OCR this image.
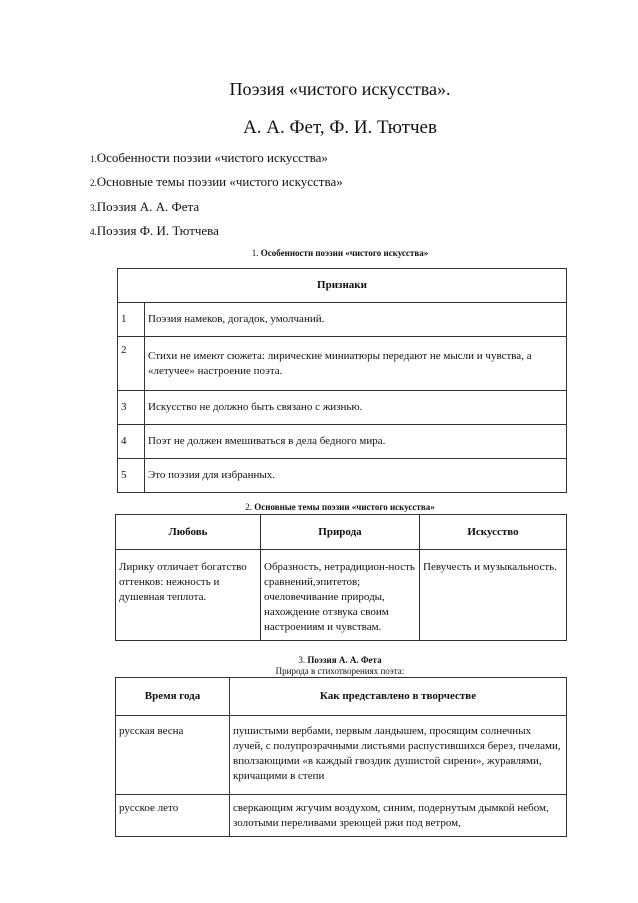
Поэзия «чистого искусства».
А. А. Фет, Ф. И. Тютчев
1.Особенности поэзии «чистого искусства»
2.Основные темы поэзии «чистого искусства»
3.Поэзия А. А. Фета
4.Поэзия Ф. И. Тютчева
1. Особенности поэзии «чистого искусства»
Признаки	
1	Поэзия намеков, догадок, умолчаний.
2	Стихи не имеют сюжета: лирические миниатюры передают не мысли и чувства, а «летучее» настроение поэта.
3	Искусство не должно быть связано с жизнью.
4	Поэт не должен вмешиваться в дела бедного мира.
5	Это поэзия для избранных.
2. Основные темы поэзии «чистого искусства»
Любовь	Природа	Искусство
Лирику отличает богатство оттенков: нежность и душевная теплота.	Образность, нетрадицион-ность сравнений,эпитетов; очеловечивание природы, нахождение отзвука своим настроениям и чувствам.	Певучесть и музыкальность.
3. Поэзия А. А. Фета
Природа в стихотворениях поэта:
Время года	Как представлено в творчестве
русская весна	пушистыми вербами, первым ландышем, просящим солнечных лучей, с полупрозрачными листьями распустившихся берез, пчелами, вползающими «в каждый гвоздик душистой сирени», журавлями, кричащими в степи
русское лето	сверкающим жгучим воздухом, синим, подернутым дымкой небом, золотыми переливами зреющей ржи под ветром,
